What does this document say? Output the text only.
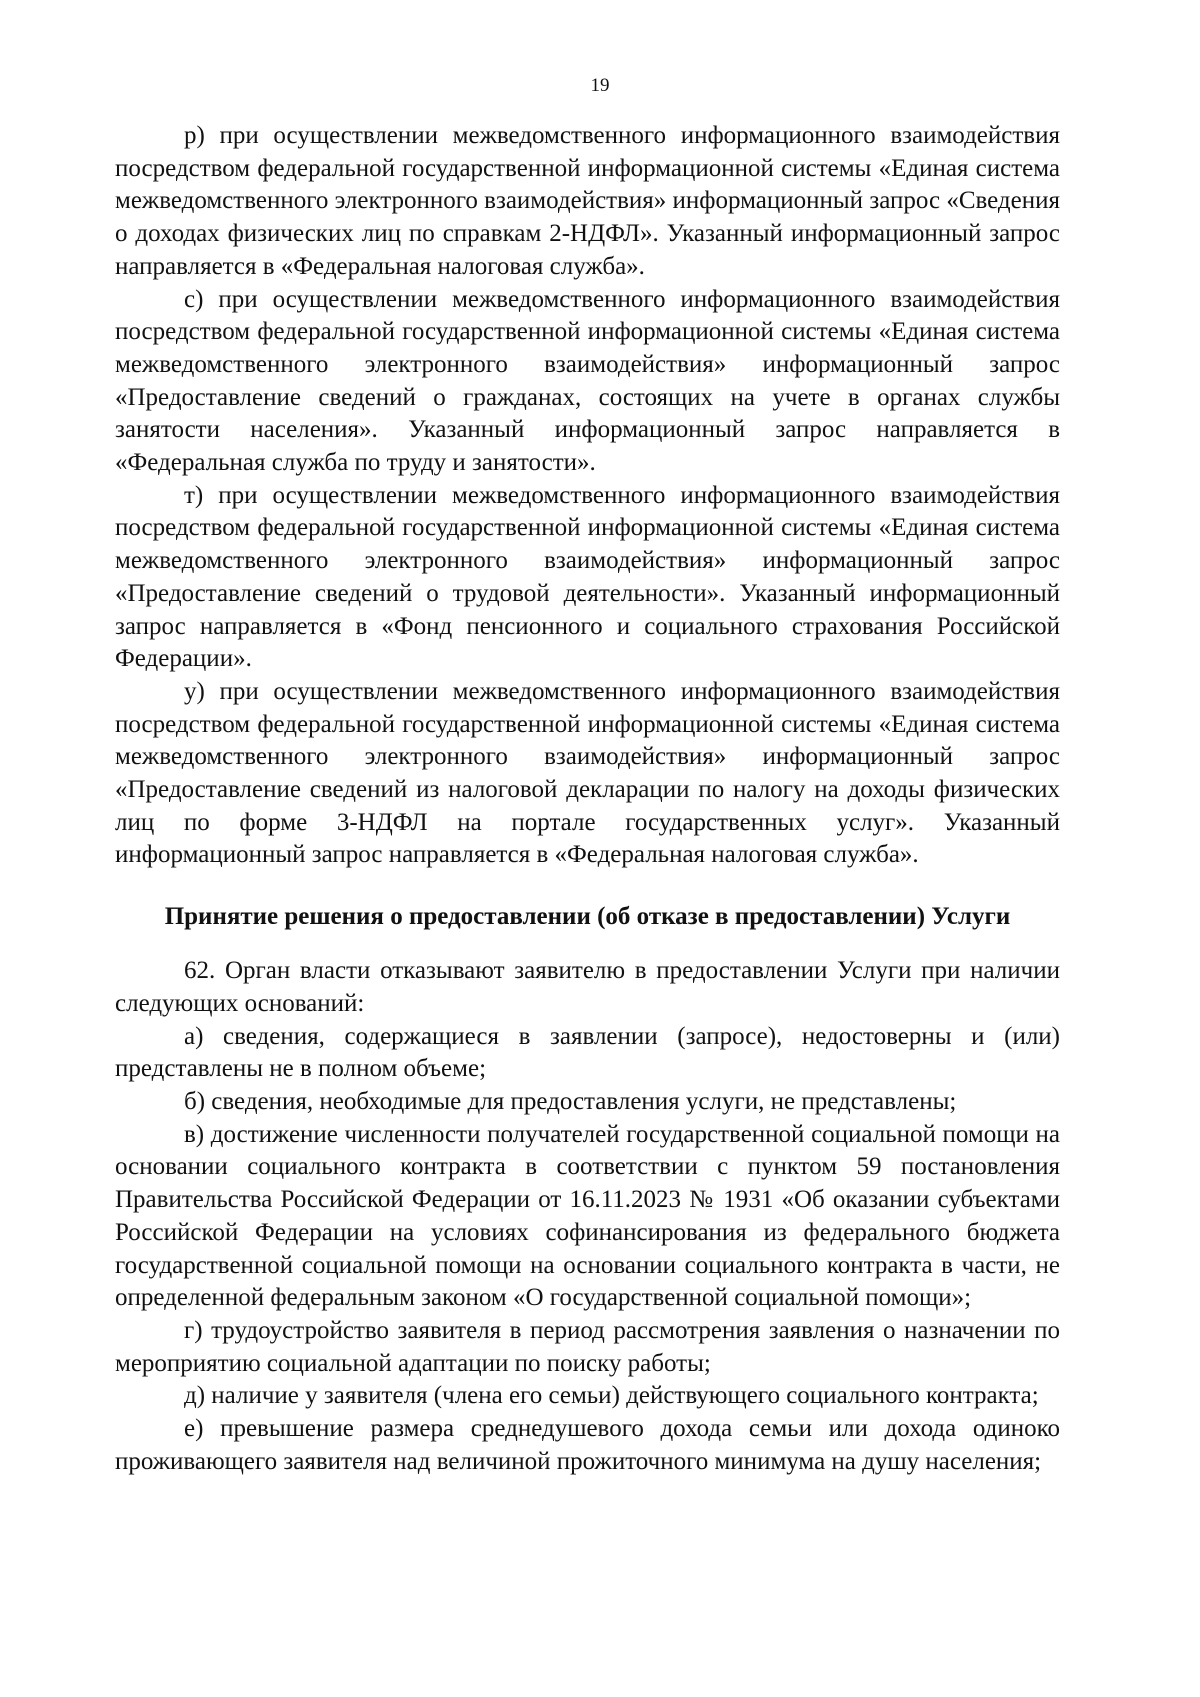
19

р) при осуществлении межведомственного информационного взаимодействия посредством федеральной государственной информационной системы «Единая система межведомственного электронного взаимодействия» информационный запрос «Сведения о доходах физических лиц по справкам 2-НДФЛ». Указанный информационный запрос направляется в «Федеральная налоговая служба».

с) при осуществлении межведомственного информационного взаимодействия посредством федеральной государственной информационной системы «Единая система межведомственного электронного взаимодействия» информационный запрос «Предоставление сведений о гражданах, состоящих на учете в органах службы занятости населения». Указанный информационный запрос направляется в «Федеральная служба по труду и занятости».

т) при осуществлении межведомственного информационного взаимодействия посредством федеральной государственной информационной системы «Единая система межведомственного электронного взаимодействия» информационный запрос «Предоставление сведений о трудовой деятельности». Указанный информационный запрос направляется в «Фонд пенсионного и социального страхования Российской Федерации».

у) при осуществлении межведомственного информационного взаимодействия посредством федеральной государственной информационной системы «Единая система межведомственного электронного взаимодействия» информационный запрос «Предоставление сведений из налоговой декларации по налогу на доходы физических лиц по форме 3-НДФЛ на портале государственных услуг». Указанный информационный запрос направляется в «Федеральная налоговая служба».

Принятие решения о предоставлении (об отказе в предоставлении) Услуги

62. Орган власти отказывают заявителю в предоставлении Услуги при наличии следующих оснований:

а) сведения, содержащиеся в заявлении (запросе), недостоверны и (или) представлены не в полном объеме;

б) сведения, необходимые для предоставления услуги, не представлены;

в) достижение численности получателей государственной социальной помощи на основании социального контракта в соответствии с пунктом 59 постановления Правительства Российской Федерации от 16.11.2023 № 1931 «Об оказании субъектами Российской Федерации на условиях софинансирования из федерального бюджета государственной социальной помощи на основании социального контракта в части, не определенной федеральным законом «О государственной социальной помощи»;

г) трудоустройство заявителя в период рассмотрения заявления о назначении по мероприятию социальной адаптации по поиску работы;

д) наличие у заявителя (члена его семьи) действующего социального контракта;

е) превышение размера среднедушевого дохода семьи или дохода одиноко проживающего заявителя над величиной прожиточного минимума на душу населения;
